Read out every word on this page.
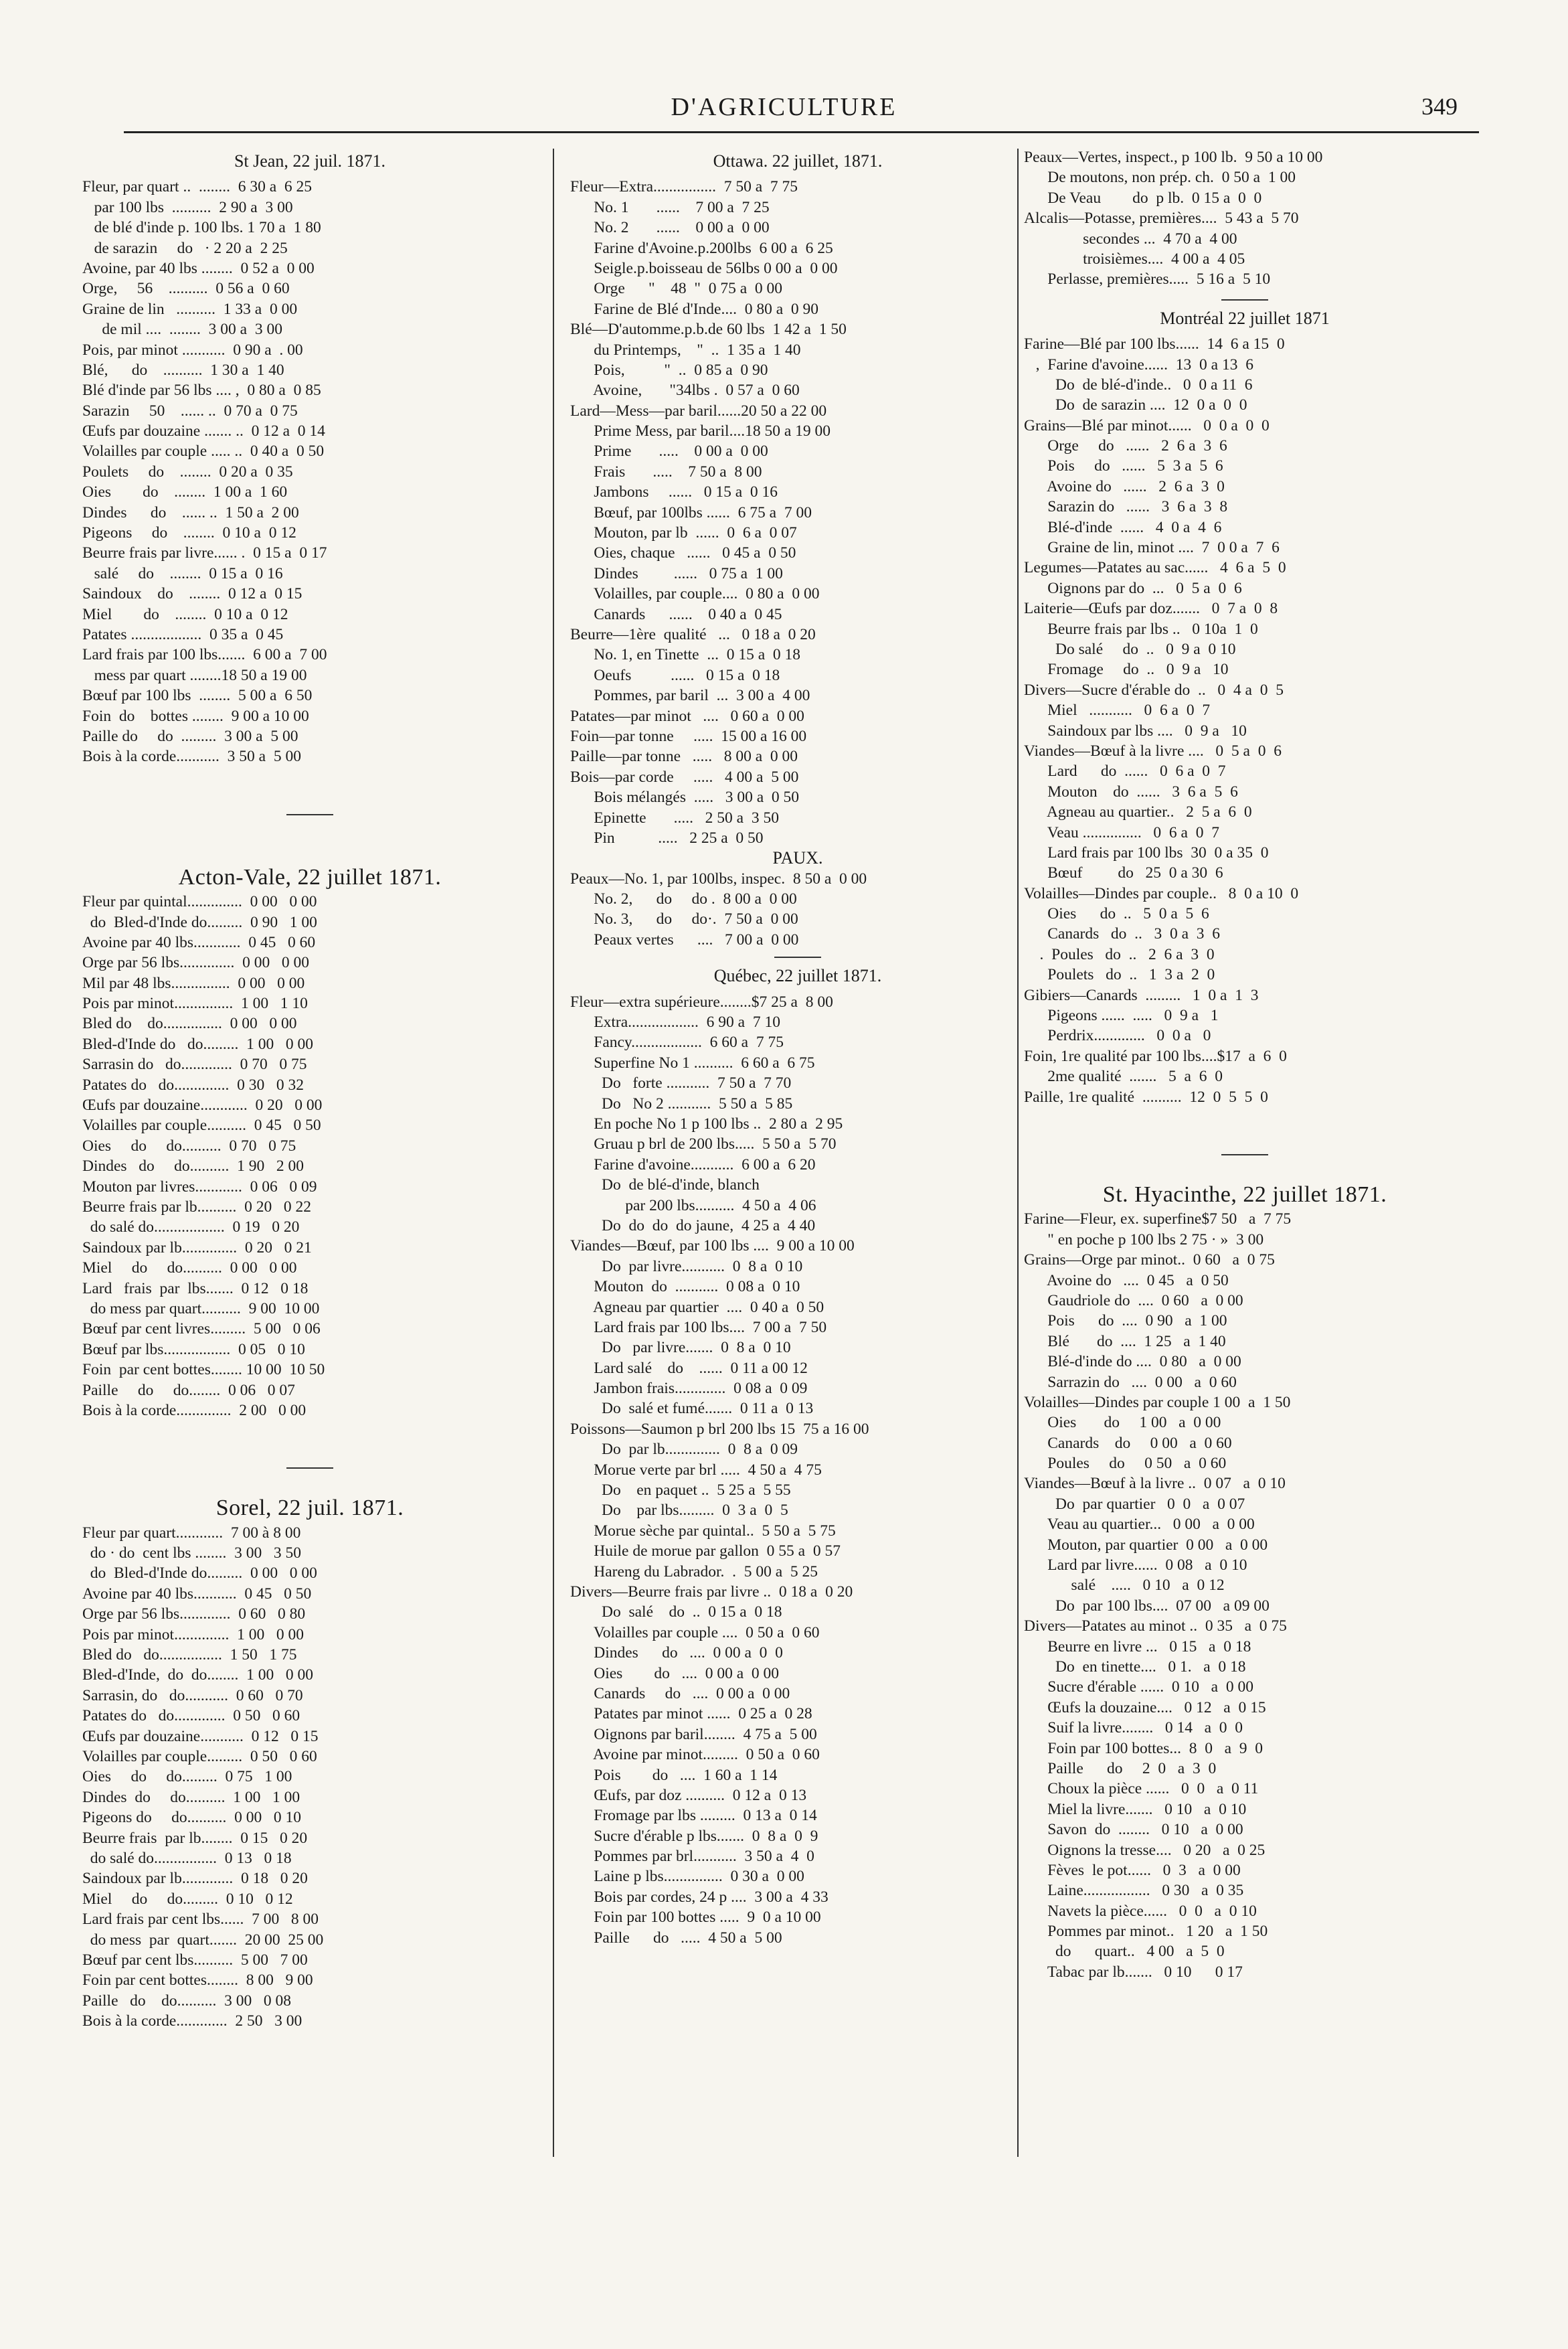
D'AGRICULTURE	349
St Jean, 22 juil. 1871.
Fleur, par quart ..  ........  6 30 a  6 25
par 100 lbs  ..........  2 90 a  3 00
de blé d'inde p. 100 lbs. 1 70 a  1 80
de sarazin     do   · 2 20 a  2 25
Avoine, par 40 lbs ........  0 52 a  0 00
Orge,     56    ..........  0 56 a  0 60
Graine de lin   ..........  1 33 a  0 00
de mil ....  ........  3 00 a  3 00
Pois, par minot ...........  0 90 a  . 00
Blé,      do    ..........  1 30 a  1 40
Blé d'inde par 56 lbs .... ,  0 80 a  0 85
Sarazin     50    ...... ..  0 70 a  0 75
Œufs par douzaine ....... ..  0 12 a  0 14
Volailles par couple ..... ..  0 40 a  0 50
Poulets     do    ........  0 20 a  0 35
Oies        do    ........  1 00 a  1 60
Dindes      do    ...... ..  1 50 a  2 00
Pigeons     do    ........  0 10 a  0 12
Beurre frais par livre...... .  0 15 a  0 17
salé     do    ........  0 15 a  0 16
Saindoux    do    ........  0 12 a  0 15
Miel        do    ........  0 10 a  0 12
Patates ..................  0 35 a  0 45
Lard frais par 100 lbs.......  6 00 a  7 00
mess par quart ........18 50 a 19 00
Bœuf par 100 lbs  ........  5 00 a  6 50
Foin  do    bottes ........  9 00 a 10 00
Paille do     do  .........  3 00 a  5 00
Bois à la corde...........  3 50 a  5 00
Acton-Vale, 22 juillet 1871.
Fleur par quintal..............  0 00   0 00
do  Bled-d'Inde do.........  0 90   1 00
Avoine par 40 lbs............  0 45   0 60
Orge par 56 lbs..............  0 00   0 00
Mil par 48 lbs...............  0 00   0 00
Pois par minot...............  1 00   1 10
Bled do    do...............  0 00   0 00
Bled-d'Inde do   do.........  1 00   0 00
Sarrasin do   do.............  0 70   0 75
Patates do   do..............  0 30   0 32
Œufs par douzaine............  0 20   0 00
Volailles par couple..........  0 45   0 50
Oies     do     do..........  0 70   0 75
Dindes   do     do..........  1 90   2 00
Mouton par livres............  0 06   0 09
Beurre frais par lb..........  0 20   0 22
do salé do..................  0 19   0 20
Saindoux par lb..............  0 20   0 21
Miel     do     do..........  0 00   0 00
Lard   frais  par  lbs.......  0 12   0 18
do mess par quart..........  9 00  10 00
Bœuf par cent livres.........  5 00   0 06
Bœuf par lbs.................  0 05   0 10
Foin  par cent bottes........ 10 00  10 50
Paille     do     do........  0 06   0 07
Bois à la corde..............  2 00   0 00
Sorel, 22 juil. 1871.
Fleur par quart............  7 00 à 8 00
do · do  cent lbs ........  3 00   3 50
do  Bled-d'Inde do.........  0 00   0 00
Avoine par 40 lbs...........  0 45   0 50
Orge par 56 lbs.............  0 60   0 80
Pois par minot..............  1 00   0 00
Bled do   do................  1 50   1 75
Bled-d'Inde,  do  do........  1 00   0 00
Sarrasin, do   do...........  0 60   0 70
Patates do   do.............  0 50   0 60
Œufs par douzaine...........  0 12   0 15
Volailles par couple.........  0 50   0 60
Oies     do     do.........  0 75   1 00
Dindes  do     do..........  1 00   1 00
Pigeons do     do..........  0 00   0 10
Beurre frais  par lb........  0 15   0 20
do salé do................  0 13   0 18
Saindoux par lb.............  0 18   0 20
Miel     do     do.........  0 10   0 12
Lard frais par cent lbs......  7 00   8 00
do mess  par  quart.......  20 00  25 00
Bœuf par cent lbs..........  5 00   7 00
Foin par cent bottes........  8 00   9 00
Paille   do    do..........  3 00   0 08
Bois à la corde.............  2 50   3 00
Ottawa. 22 juillet, 1871.
Fleur—Extra................  7 50 a  7 75
No. 1       ......    7 00 a  7 25
No. 2       ......    0 00 a  0 00
Farine d'Avoine.p.200lbs  6 00 a  6 25
Seigle.p.boisseau de 56lbs 0 00 a  0 00
Orge      "    48  "  0 75 a  0 00
Farine de Blé d'Inde....  0 80 a  0 90
Blé—D'automme.p.b.de 60 lbs  1 42 a  1 50
du Printemps,    "  ..  1 35 a  1 40
Pois,          "  ..  0 85 a  0 90
Avoine,       "34lbs .  0 57 a  0 60
Lard—Mess—par baril......20 50 a 22 00
Prime Mess, par baril....18 50 a 19 00
Prime       .....    0 00 a  0 00
Frais       .....    7 50 a  8 00
Jambons     ......   0 15 a  0 16
Bœuf, par 100lbs ......  6 75 a  7 00
Mouton, par lb  ......  0  6 a  0 07
Oies, chaque   ......   0 45 a  0 50
Dindes         ......   0 75 a  1 00
Volailles, par couple....  0 80 a  0 00
Canards      ......    0 40 a  0 45
Beurre—1ère  qualité   ...   0 18 a  0 20
No. 1, en Tinette  ...  0 15 a  0 18
Oeufs          ......   0 15 a  0 18
Pommes, par baril  ...  3 00 a  4 00
Patates—par minot   ....   0 60 a  0 00
Foin—par tonne     .....  15 00 a 16 00
Paille—par tonne   .....   8 00 a  0 00
Bois—par corde     .....   4 00 a  5 00
Bois mélangés  .....   3 00 a  0 50
Epinette       .....   2 50 a  3 50
Pin           .....   2 25 a  0 50
PAUX.
Peaux—No. 1, par 100lbs, inspec.  8 50 a  0 00
No. 2,      do     do .  8 00 a  0 00
No. 3,      do     do·.  7 50 a  0 00
Peaux vertes      ....   7 00 a  0 00
Québec, 22 juillet 1871.
Fleur—extra supérieure........$7 25 a  8 00
Extra..................  6 90 a  7 10
Fancy..................  6 60 a  7 75
Superfine No 1 ..........  6 60 a  6 75
Do   forte ...........  7 50 a  7 70
Do   No 2 ...........  5 50 a  5 85
En poche No 1 p 100 lbs ..  2 80 a  2 95
Gruau p brl de 200 lbs.....  5 50 a  5 70
Farine d'avoine...........  6 00 a  6 20
Do  de blé-d'inde, blanch
par 200 lbs..........  4 50 a  4 06
Do  do  do  do jaune,  4 25 a  4 40
Viandes—Bœuf, par 100 lbs ....  9 00 a 10 00
Do  par livre...........  0  8 a  0 10
Mouton  do  ...........  0 08 a  0 10
Agneau par quartier  ....  0 40 a  0 50
Lard frais par 100 lbs....  7 00 a  7 50
Do   par livre.......  0  8 a  0 10
Lard salé    do    ......  0 11 a 00 12
Jambon frais.............  0 08 a  0 09
Do  salé et fumé.......  0 11 a  0 13
Poissons—Saumon p brl 200 lbs 15  75 a 16 00
Do  par lb..............  0  8 a  0 09
Morue verte par brl .....  4 50 a  4 75
Do    en paquet ..  5 25 a  5 55
Do    par lbs.........  0  3 a  0  5
Morue sèche par quintal..  5 50 a  5 75
Huile de morue par gallon  0 55 a  0 57
Hareng du Labrador.  .  5 00 a  5 25
Divers—Beurre frais par livre ..  0 18 a  0 20
Do  salé    do  ..  0 15 a  0 18
Volailles par couple ....  0 50 a  0 60
Dindes      do   ....  0 00 a  0  0
Oies        do   ....  0 00 a  0 00
Canards     do   ....  0 00 a  0 00
Patates par minot ......  0 25 a  0 28
Oignons par baril........  4 75 a  5 00
Avoine par minot.........  0 50 a  0 60
Pois        do   ....  1 60 a  1 14
Œufs, par doz ..........  0 12 a  0 13
Fromage par lbs .........  0 13 a  0 14
Sucre d'érable p lbs.......  0  8 a  0  9
Pommes par brl...........  3 50 a  4  0
Laine p lbs...............  0 30 a  0 00
Bois par cordes, 24 p ....  3 00 a  4 33
Foin par 100 bottes .....  9  0 a 10 00
Paille      do   .....  4 50 a  5 00
Peaux—Vertes, inspect., p 100 lb.  9 50 a 10 00
De moutons, non prép. ch.  0 50 a  1 00
De Veau        do  p lb.  0 15 a  0  0
Alcalis—Potasse, premières....  5 43 a  5 70
secondes ...  4 70 a  4 00
troisièmes....  4 00 a  4 05
Perlasse, premières.....  5 16 a  5 10
Montréal 22 juillet 1871
Farine—Blé par 100 lbs......  14  6 a 15  0
,  Farine d'avoine......  13  0 a 13  6
Do  de blé-d'inde..   0  0 a 11  6
Do  de sarazin ....  12  0 a  0  0
Grains—Blé par minot......   0  0 a  0  0
Orge     do   ......   2  6 a  3  6
Pois     do   ......   5  3 a  5  6
Avoine do   ......   2  6 a  3  0
Sarazin do   ......   3  6 a  3  8
Blé-d'inde  ......   4  0 a  4  6
Graine de lin, minot ....  7  0 0 a  7  6
Legumes—Patates au sac......   4  6 a  5  0
Oignons par do  ...   0  5 a  0  6
Laiterie—Œufs par doz.......   0  7 a  0  8
Beurre frais par lbs ..   0 10a  1  0
Do salé     do  ..   0  9 a  0 10
Fromage     do  ..   0  9 a   10
Divers—Sucre d'érable do  ..   0  4 a  0  5
Miel   ...........   0  6 a  0  7
Saindoux par lbs ....   0  9 a   10
Viandes—Bœuf à la livre ....   0  5 a  0  6
Lard      do  ......   0  6 a  0  7
Mouton    do  ......   3  6 a  5  6
Agneau au quartier..   2  5 a  6  0
Veau ...............   0  6 a  0  7
Lard frais par 100 lbs  30  0 a 35  0
Bœuf         do   25  0 a 30  6
Volailles—Dindes par couple..   8  0 a 10  0
Oies      do  ..   5  0 a  5  6
Canards   do  ..   3  0 a  3  6
.  Poules   do  ..   2  6 a  3  0
Poulets   do  ..   1  3 a  2  0
Gibiers—Canards  .........   1  0 a  1  3
Pigeons ......  .....   0  9 a   1
Perdrix.............   0  0 a   0
Foin, 1re qualité par 100 lbs....$17  a  6  0
2me qualité  .......   5  a  6  0
Paille, 1re qualité  ..........  12  0  5  5  0
St. Hyacinthe, 22 juillet 1871.
Farine—Fleur, ex. superfine$7 50   a  7 75
" en poche p 100 lbs 2 75 · »  3 00
Grains—Orge par minot..  0 60   a  0 75
Avoine do   ....  0 45   a  0 50
Gaudriole do  ....  0 60   a  0 00
Pois      do  ....  0 90   a  1 00
Blé       do  ....  1 25   a  1 40
Blé-d'inde do ....  0 80   a  0 00
Sarrazin do   ....  0 00   a  0 60
Volailles—Dindes par couple 1 00  a  1 50
Oies       do     1 00   a  0 00
Canards    do     0 00   a  0 60
Poules     do     0 50   a  0 60
Viandes—Bœuf à la livre ..  0 07   a  0 10
Do  par quartier   0  0   a  0 07
Veau au quartier...   0 00   a  0 00
Mouton, par quartier  0 00   a  0 00
Lard par livre......  0 08   a  0 10
salé    .....   0 10   a  0 12
Do  par 100 lbs....  07 00   a 09 00
Divers—Patates au minot ..  0 35   a  0 75
Beurre en livre ...   0 15   a  0 18
Do  en tinette....   0 1.   a  0 18
Sucre d'érable ......  0 10   a  0 00
Œufs la douzaine....   0 12   a  0 15
Suif la livre........   0 14   a  0  0
Foin par 100 bottes...  8  0   a  9  0
Paille      do     2  0   a  3  0
Choux la pièce ......   0  0   a  0 11
Miel la livre.......   0 10   a  0 10
Savon  do  ........   0 10   a  0 00
Oignons la tresse....   0 20   a  0 25
Fèves  le pot......   0  3   a  0 00
Laine.................   0 30   a  0 35
Navets la pièce......   0  0   a  0 10
Pommes par minot..   1 20   a  1 50
do      quart..   4 00   a  5  0
Tabac par lb.......   0 10      0 17
